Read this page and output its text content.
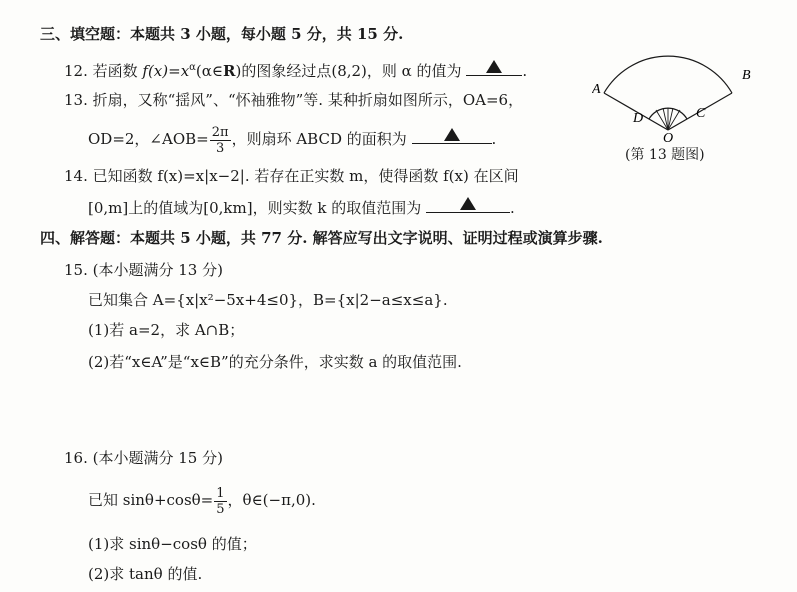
三、填空题：本题共 3 小题，每小题 5 分，共 15 分.
12. 若函数 $f(x)=x^\alpha(\alpha\in R)$的图象经过点(8,2)，则 α 的值为	.
13. 折扇，又称“揺风”、“怀袖雅物”等. 某种折扇如图所示，OA=6，
OD=2，∠AOB= $\frac{2\pi}{3}$ ，则扇环 ABCD 的面积为	.
A
B
C
D
O
(第 13 题图)
14. 已知函数 f(x)=x|x−2|. 若存在正实数 m，使得函数 f(x) 在区间
[0,m]上的值域为[0,km]，则实数 k 的取值范围为	.
四、解答题：本题共 5 小题，共 77 分. 解答应写出文字说明、证明过程或演算步骤.
15. (本小题满分 13 分)
已知集合 A={x|x²−5x+4≤0}，B={x|2−a≤x≤a}.
(1)若 a=2，求 A∩B；
(2)若“x∈A”是“x∈B”的充分条件，求实数 a 的取值范围.
16. (本小题满分 15 分)
已知 $\sin\theta+\cos\theta= \frac{1}{5}$ ，θ∈(−π,0).
(1)求 sinθ−cosθ 的值；
(2)求 tanθ 的值.
